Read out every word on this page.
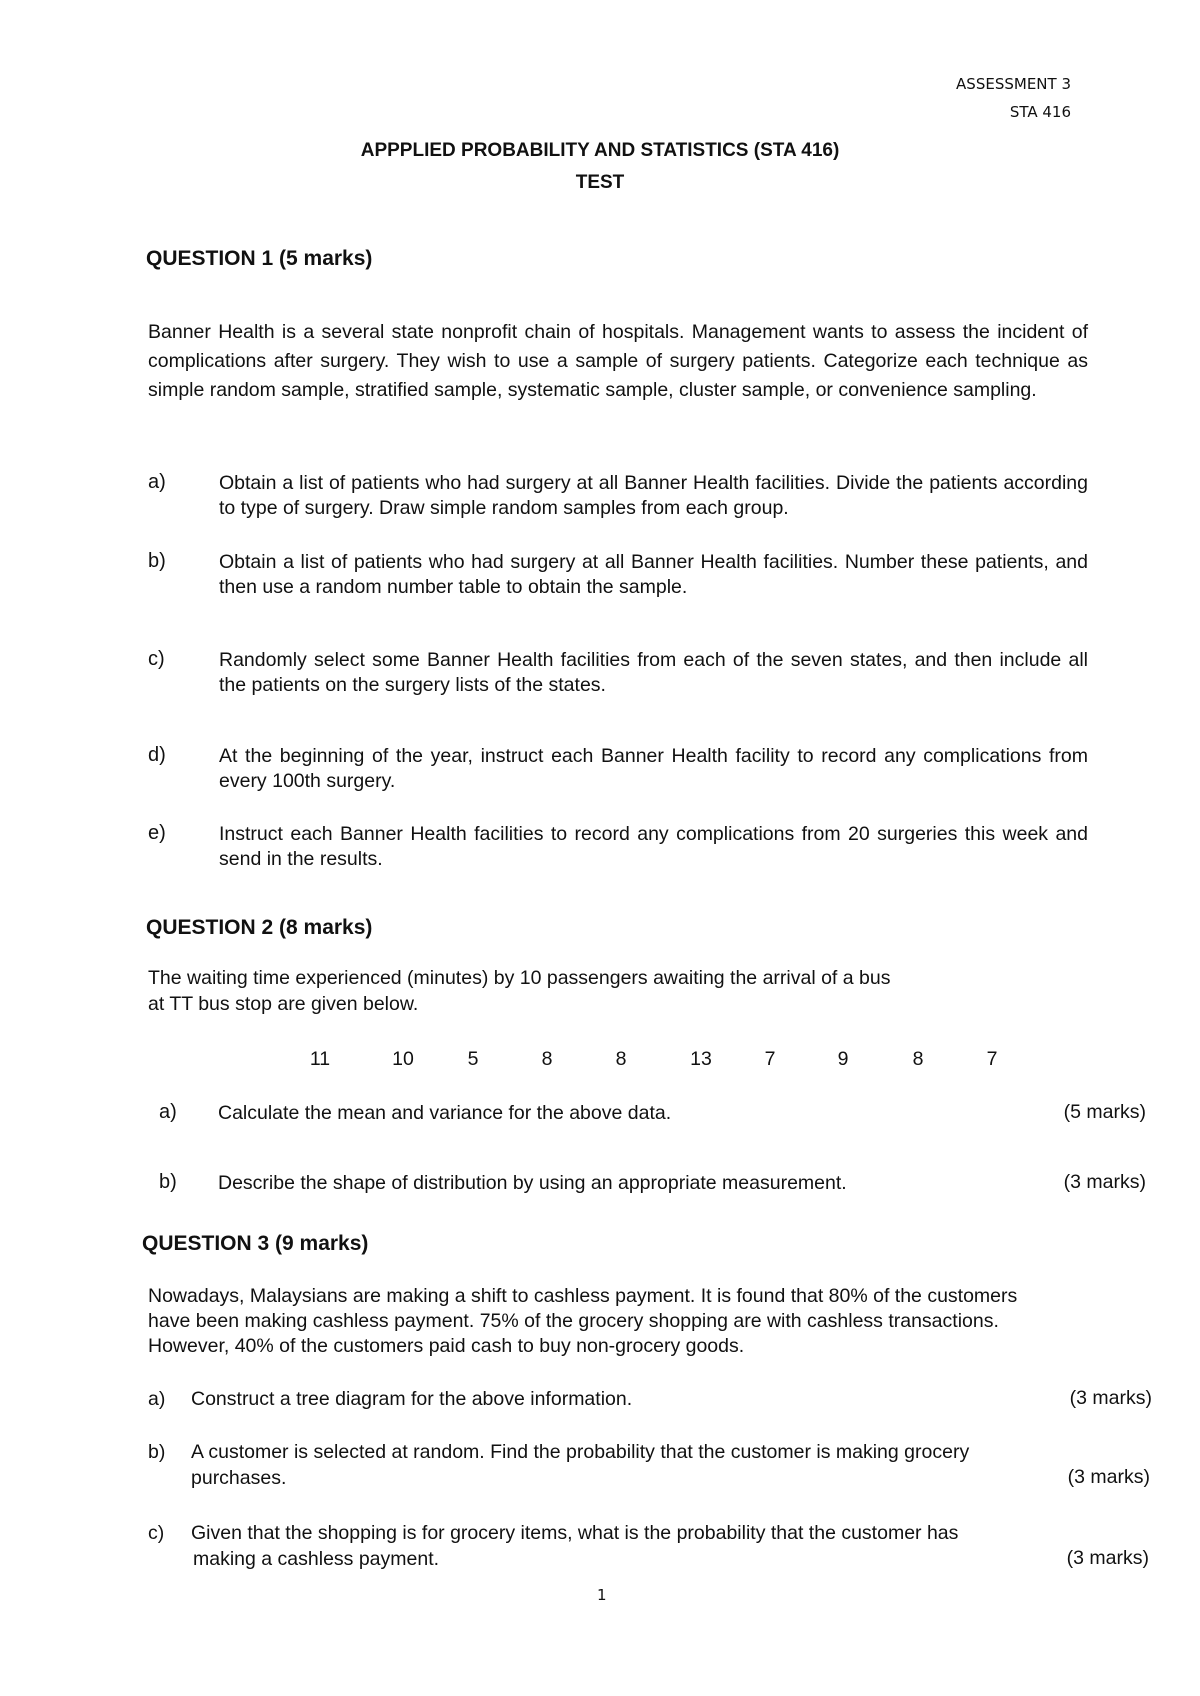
ASSESSMENT 3

STA 416

APPPLIED PROBABILITY AND STATISTICS (STA 416)

TEST

QUESTION 1 (5 marks)

Banner Health is a several state nonprofit chain of hospitals. Management wants to assess the incident of complications after surgery. They wish to use a sample of surgery patients. Categorize each technique as simple random sample, stratified sample, systematic sample, cluster sample, or convenience sampling.

a)	Obtain a list of patients who had surgery at all Banner Health facilities. Divide the patients according to type of surgery. Draw simple random samples from each group.

b)	Obtain a list of patients who had surgery at all Banner Health facilities. Number these patients, and then use a random number table to obtain the sample.

c)	Randomly select some Banner Health facilities from each of the seven states, and then include all the patients on the surgery lists of the states.

d)	At the beginning of the year, instruct each Banner Health facility to record any complications from every 100th surgery.

e)	Instruct each Banner Health facilities to record any complications from 20 surgeries this week and send in the results.

QUESTION 2 (8 marks)

The waiting time experienced (minutes) by 10 passengers awaiting the arrival of a bus

at TT bus stop are given below.

11	10	5	8	8	13	7	9	8	7

a) Calculate the mean and variance for the above data.	(5 marks)

b) Describe the shape of distribution by using an appropriate measurement.	(3 marks)

QUESTION 3 (9 marks)

Nowadays, Malaysians are making a shift to cashless payment. It is found that 80% of the customers

have been making cashless payment. 75% of the grocery shopping are with cashless transactions.

However, 40% of the customers paid cash to buy non-grocery goods.

a) Construct a tree diagram for the above information.	(3 marks)

b) A customer is selected at random. Find the probability that the customer is making grocery

purchases.	(3 marks)

c) Given that the shopping is for grocery items, what is the probability that the customer has

making a cashless payment.	(3 marks)

1
